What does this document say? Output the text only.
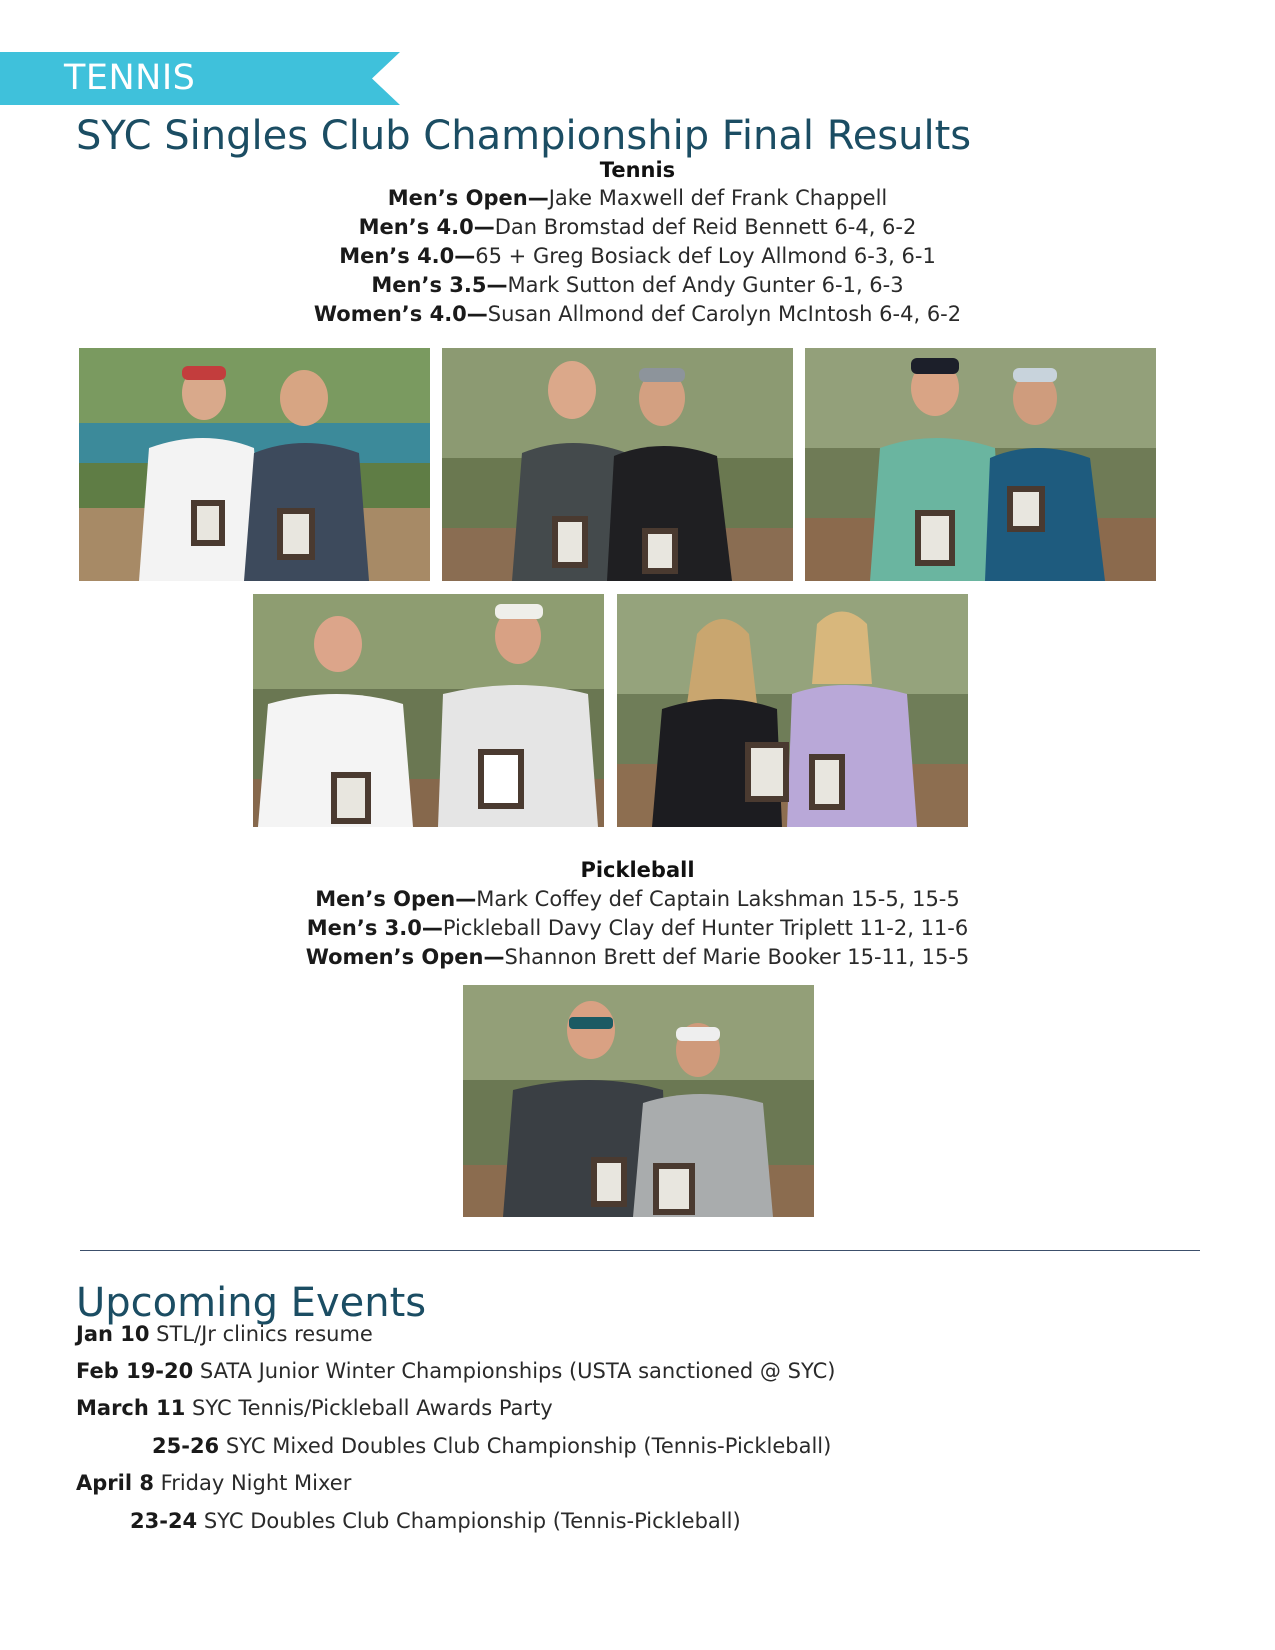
TENNIS
SYC Singles Club Championship Final Results
Tennis
Men’s Open—Jake Maxwell def Frank Chappell
Men’s 4.0—Dan Bromstad def Reid Bennett 6-4, 6-2
Men’s 4.0—65 + Greg Bosiack def Loy Allmond 6-3, 6-1
Men’s 3.5—Mark Sutton def Andy Gunter 6-1, 6-3
Women’s 4.0—Susan Allmond def Carolyn McIntosh 6-4, 6-2
Pickleball
Men’s Open—Mark Coffey def Captain Lakshman 15-5, 15-5
Men’s 3.0—Pickleball Davy Clay def Hunter Triplett 11-2, 11-6
Women’s Open—Shannon Brett def Marie Booker 15-11, 15-5
Upcoming Events
Jan 10 STL/Jr clinics resume
Feb 19-20 SATA Junior Winter Championships (USTA sanctioned @ SYC)
March 11 SYC Tennis/Pickleball Awards Party
25-26 SYC Mixed Doubles Club Championship (Tennis-Pickleball)
April 8 Friday Night Mixer
23-24 SYC Doubles Club Championship (Tennis-Pickleball)
